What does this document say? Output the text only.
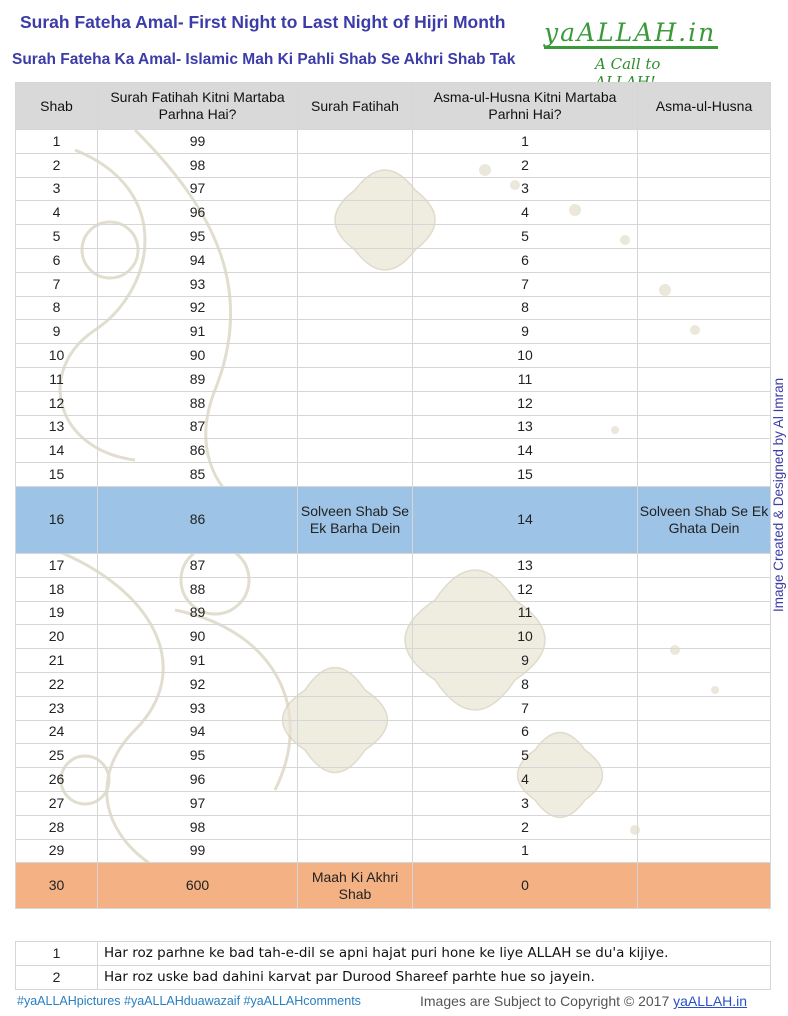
Surah Fateha Amal- First Night to Last Night of Hijri Month
Surah Fateha Ka Amal- Islamic Mah Ki Pahli Shab Se Akhri Shab Tak
yaALLAH.in
A Call to
Shab	Surah Fatihah Kitni Martaba Parhna Hai?	Surah Fatihah	Asma-ul-Husna Kitni Martaba Parhni Hai?	Asma-ul-Husna
1	99		1	
2	98		2	
3	97		3	
4	96		4	
5	95		5	
6	94		6	
7	93		7	
8	92		8	
9	91		9	
10	90		10	
11	89		11	
12	88		12	
13	87		13	
14	86		14	
15	85		15	
16	86	Solveen Shab Se Ek Barha Dein	14	Solveen Shab Se Ek Ghata Dein
17	87		13	
18	88		12	
19	89		11	
20	90		10	
21	91		9	
22	92		8	
23	93		7	
24	94		6	
25	95		5	
26	96		4	
27	97		3	
28	98		2	
29	99		1	
30	600	Maah Ki Akhri Shab	0	
1	Har roz parhne ke bad tah-e-dil se apni hajat puri hone ke liye ALLAH se du'a kijiye.
2	Har roz uske bad dahini karvat par Durood Shareef parhte hue so jayein.
Image Created & Designed by Al Imran
#yaALLAHpictures #yaALLAHduawazaif #yaALLAHcomments	Images are Subject to Copyright © 2017 yaALLAH.in
